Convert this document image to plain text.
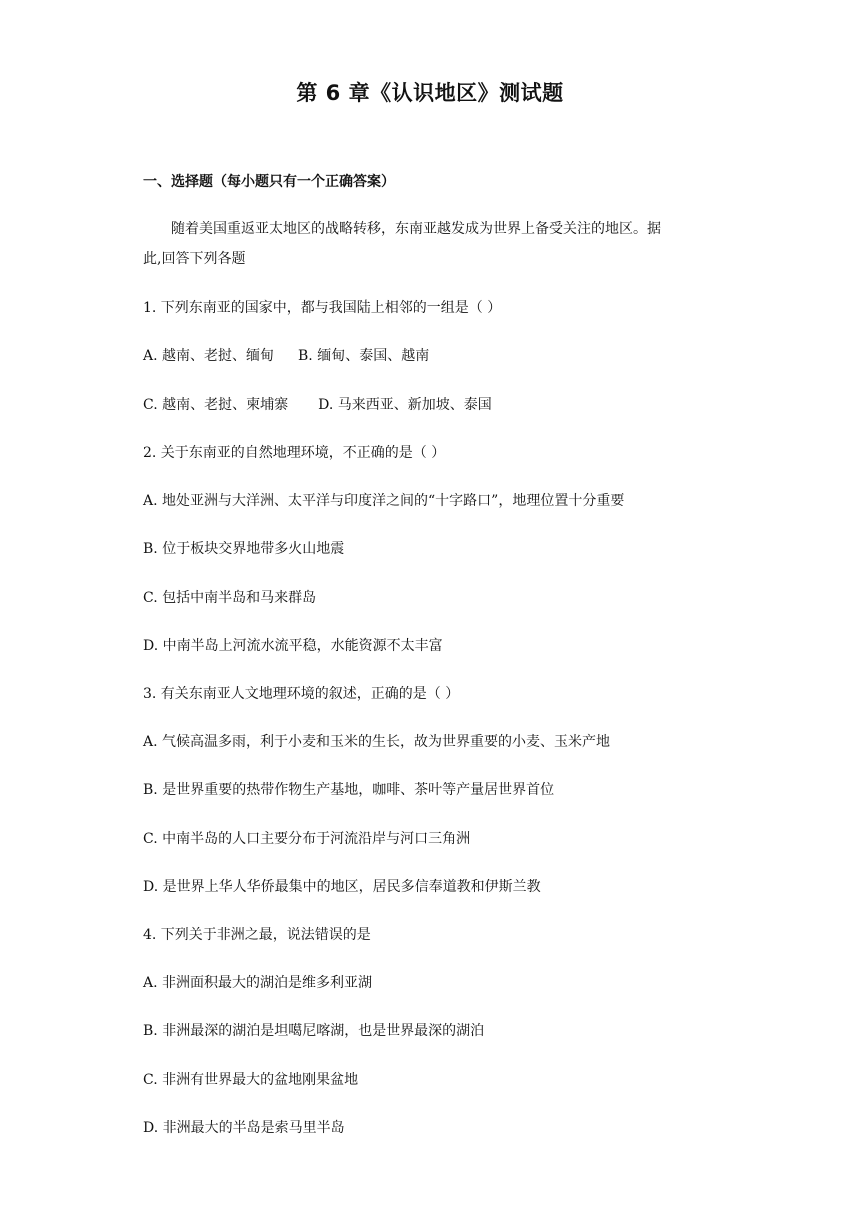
第 6 章《认识地区》测试题
一、选择题（每小题只有一个正确答案）
随着美国重返亚太地区的战略转移，东南亚越发成为世界上备受关注的地区。据
此,回答下列各题
1. 下列东南亚的国家中，都与我国陆上相邻的一组是（ ）
A. 越南、老挝、缅甸 B. 缅甸、泰国、越南
C. 越南、老挝、柬埔寨 D. 马来西亚、新加坡、泰国
2. 关于东南亚的自然地理环境，不正确的是（ ）
A. 地处亚洲与大洋洲、太平洋与印度洋之间的“十字路口”，地理位置十分重要
B. 位于板块交界地带多火山地震
C. 包括中南半岛和马来群岛
D. 中南半岛上河流水流平稳，水能资源不太丰富
3. 有关东南亚人文地理环境的叙述，正确的是（ ）
A. 气候高温多雨，利于小麦和玉米的生长，故为世界重要的小麦、玉米产地
B. 是世界重要的热带作物生产基地，咖啡、茶叶等产量居世界首位
C. 中南半岛的人口主要分布于河流沿岸与河口三角洲
D. 是世界上华人华侨最集中的地区，居民多信奉道教和伊斯兰教
4. 下列关于非洲之最，说法错误的是
A. 非洲面积最大的湖泊是维多利亚湖
B. 非洲最深的湖泊是坦噶尼喀湖，也是世界最深的湖泊
C. 非洲有世界最大的盆地刚果盆地
D. 非洲最大的半岛是索马里半岛
